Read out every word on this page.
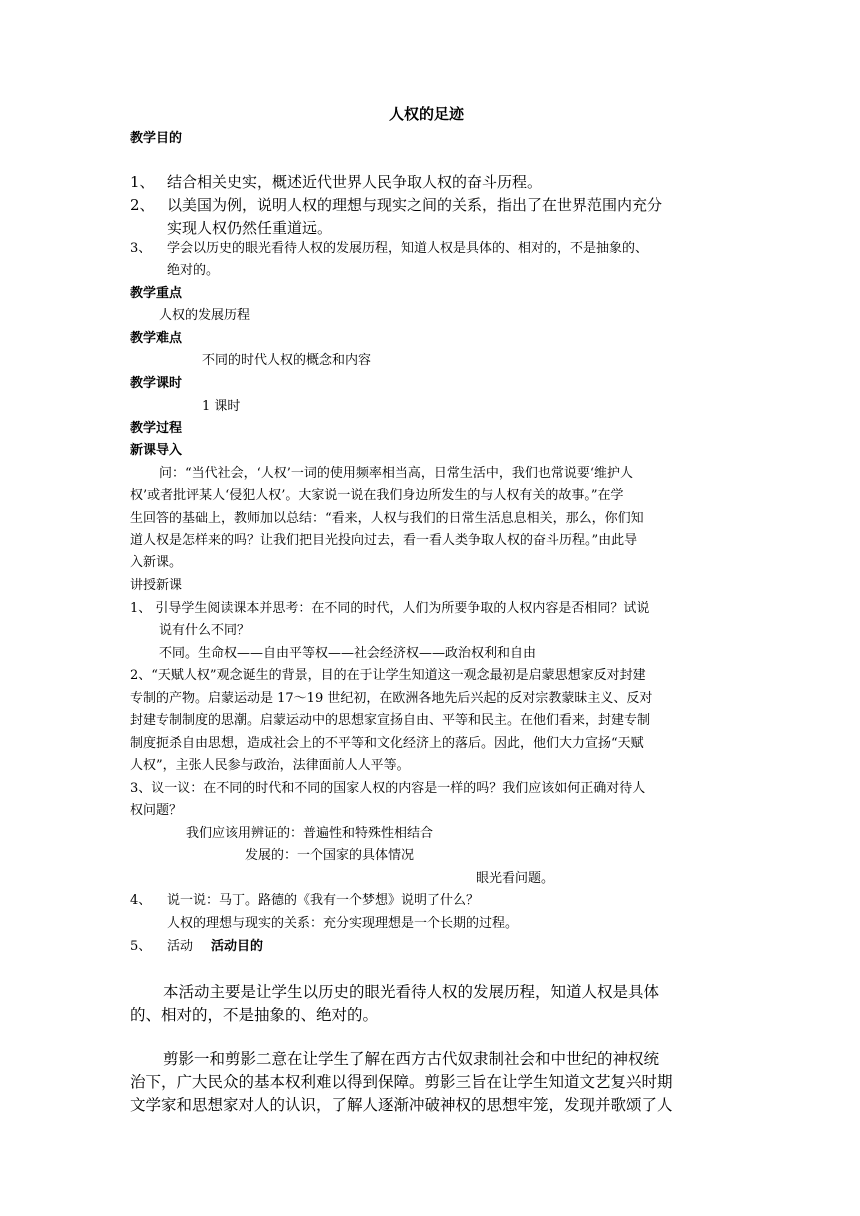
人权的足迹
教学目的
1、 结合相关史实，概述近代世界人民争取人权的奋斗历程。
2、 以美国为例，说明人权的理想与现实之间的关系，指出了在世界范围内充分
实现人权仍然任重道远。
3、 学会以历史的眼光看待人权的发展历程，知道人权是具体的、相对的，不是抽象的、
绝对的。
教学重点
人权的发展历程
教学难点
不同的时代人权的概念和内容
教学课时
1 课时
教学过程
新课导入
问：“当代社会，‘人权’一词的使用频率相当高，日常生活中，我们也常说要‘维护人
权’或者批评某人‘侵犯人权’。大家说一说在我们身边所发生的与人权有关的故事。”在学
生回答的基础上，教师加以总结：“看来，人权与我们的日常生活息息相关，那么，你们知
道人权是怎样来的吗？让我们把目光投向过去，看一看人类争取人权的奋斗历程。”由此导
入新课。
讲授新课
1、 引导学生阅读课本并思考：在不同的时代，人们为所要争取的人权内容是否相同？试说
说有什么不同？
不同。生命权——自由平等权——社会经济权——政治权利和自由
2、“天赋人权”观念诞生的背景，目的在于让学生知道这一观念最初是启蒙思想家反对封建
专制的产物。启蒙运动是 17～19 世纪初，在欧洲各地先后兴起的反对宗教蒙昧主义、反对
封建专制制度的思潮。启蒙运动中的思想家宣扬自由、平等和民主。在他们看来，封建专制
制度扼杀自由思想，造成社会上的不平等和文化经济上的落后。因此，他们大力宣扬“天赋
人权”，主张人民参与政治，法律面前人人平等。
3、议一议：在不同的时代和不同的国家人权的内容是一样的吗？我们应该如何正确对待人
权问题？
我们应该用辨证的：普遍性和特殊性相结合
发展的：一个国家的具体情况
眼光看问题。
4、 说一说：马丁。路德的《我有一个梦想》说明了什么？
人权的理想与现实的关系：充分实现理想是一个长期的过程。
5、 活动 活动目的
本活动主要是让学生以历史的眼光看待人权的发展历程，知道人权是具体
的、相对的，不是抽象的、绝对的。
剪影一和剪影二意在让学生了解在西方古代奴隶制社会和中世纪的神权统
治下，广大民众的基本权利难以得到保障。剪影三旨在让学生知道文艺复兴时期
文学家和思想家对人的认识，了解人逐渐冲破神权的思想牢笼，发现并歌颂了人
